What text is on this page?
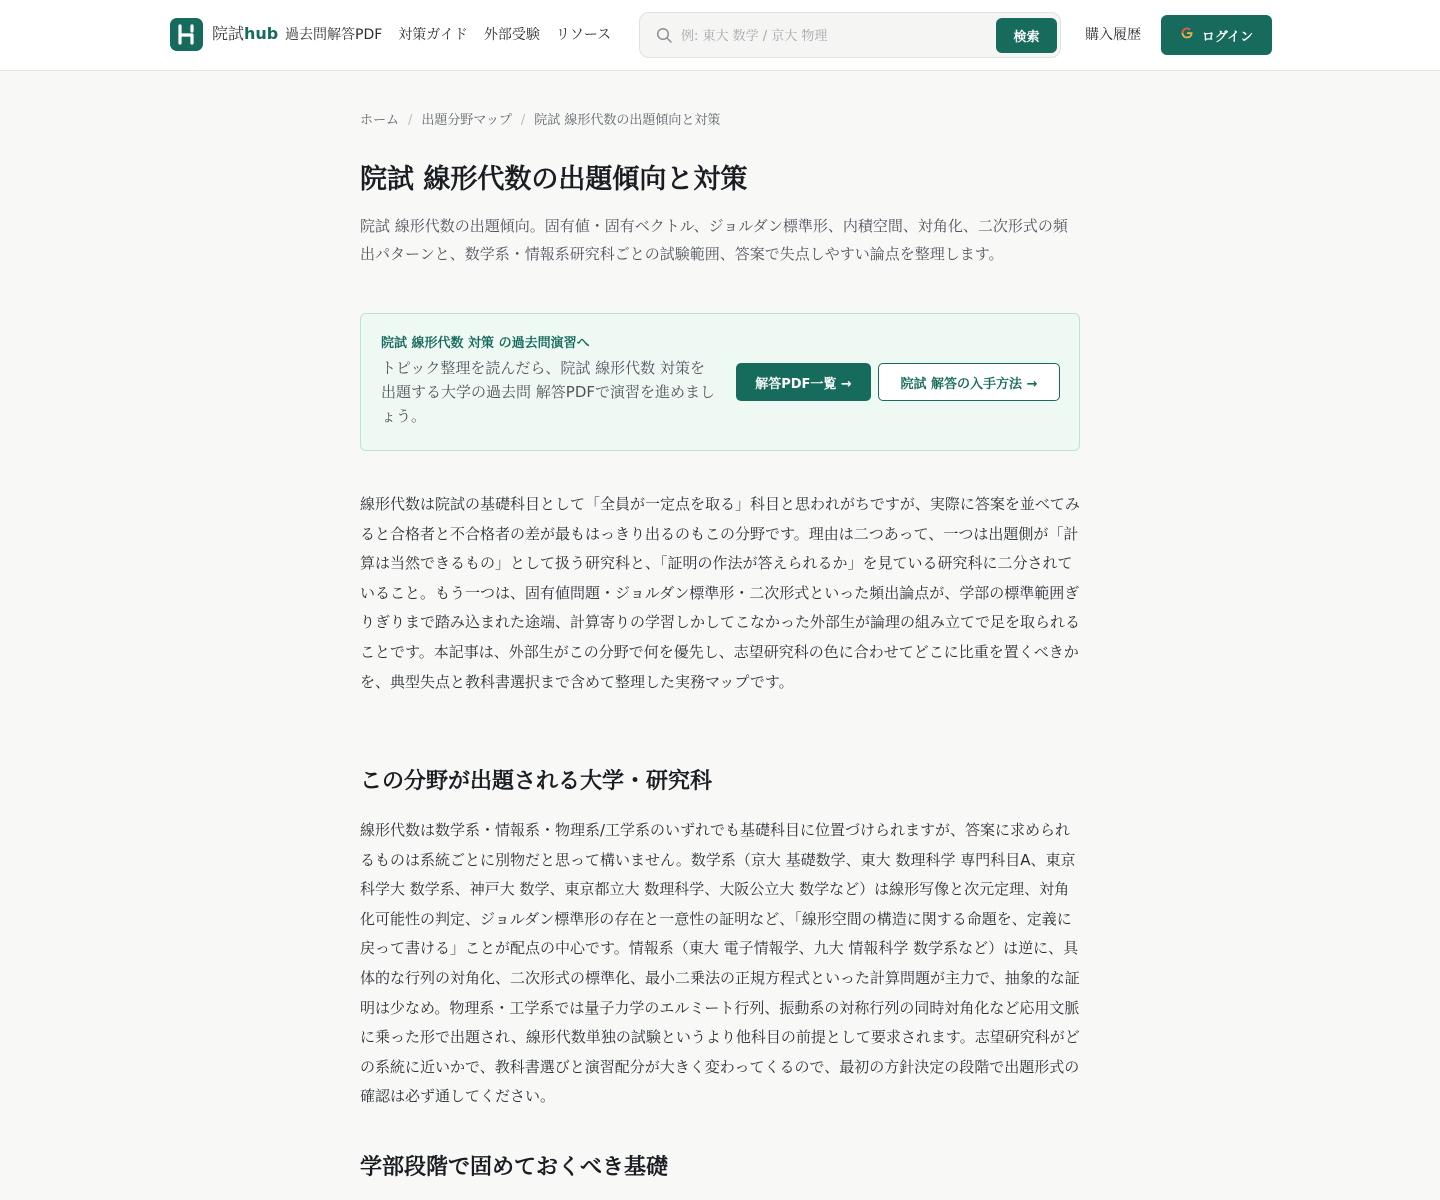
院試hub 過去問解答PDF 対策ガイド 外部受験 リソース
例: 東大 数学 / 京大 物理	検索	購入履歴	ログイン
ホーム / 出題分野マップ / 院試 線形代数の出題傾向と対策
院試 線形代数の出題傾向と対策

院試 線形代数の出題傾向。固有値・固有ベクトル、ジョルダン標準形、内積空間、対角化、二次形式の頻出パターンと、数学系・情報系研究科ごとの試験範囲、答案で失点しやすい論点を整理します。

院試 線形代数 対策 の過去問演習へ
トピック整理を読んだら、院試 線形代数 対策を出題する大学の過去問 解答PDFで演習を進めましょう。
解答PDF一覧 →	院試 解答の入手方法 →

線形代数は院試の基礎科目として「全員が一定点を取る」科目と思われがちですが、実際に答案を並べてみると合格者と不合格者の差が最もはっきり出るのもこの分野です。理由は二つあって、一つは出題側が「計算は当然できるもの」として扱う研究科と、「証明の作法が答えられるか」を見ている研究科に二分されていること。もう一つは、固有値問題・ジョルダン標準形・二次形式といった頻出論点が、学部の標準範囲ぎりぎりまで踏み込まれた途端、計算寄りの学習しかしてこなかった外部生が論理の組み立てで足を取られることです。本記事は、外部生がこの分野で何を優先し、志望研究科の色に合わせてどこに比重を置くべきかを、典型失点と教科書選択まで含めて整理した実務マップです。

この分野が出題される大学・研究科

線形代数は数学系・情報系・物理系/工学系のいずれでも基礎科目に位置づけられますが、答案に求められるものは系統ごとに別物だと思って構いません。数学系（京大 基礎数学、東大 数理科学 専門科目A、東京科学大 数学系、神戸大 数学、東京都立大 数理科学、大阪公立大 数学など）は線形写像と次元定理、対角化可能性の判定、ジョルダン標準形の存在と一意性の証明など、「線形空間の構造に関する命題を、定義に戻って書ける」ことが配点の中心です。情報系（東大 電子情報学、九大 情報科学 数学系など）は逆に、具体的な行列の対角化、二次形式の標準化、最小二乗法の正規方程式といった計算問題が主力で、抽象的な証明は少なめ。物理系・工学系では量子力学のエルミート行列、振動系の対称行列の同時対角化など応用文脈に乗った形で出題され、線形代数単独の試験というより他科目の前提として要求されます。志望研究科がどの系統に近いかで、教科書選びと演習配分が大きく変わってくるので、最初の方針決定の段階で出題形式の確認は必ず通してください。

学部段階で固めておくべき基礎
